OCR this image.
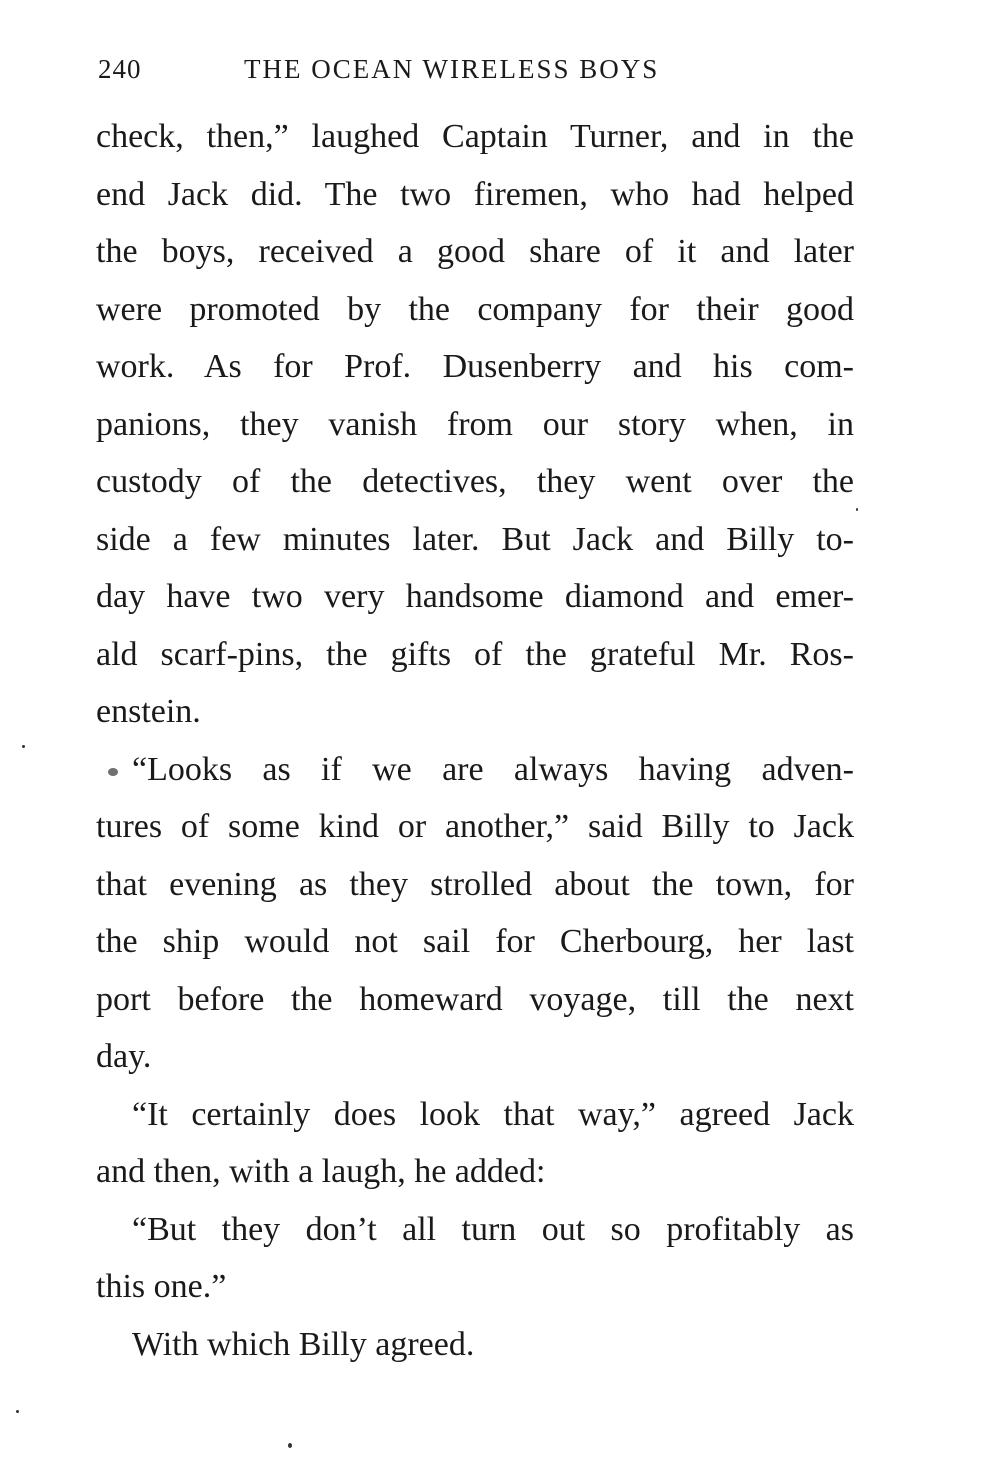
240	THE OCEAN WIRELESS BOYS
check, then,” laughed Captain Turner, and in the
end Jack did. The two firemen, who had helped
the boys, received a good share of it and later
were promoted by the company for their good
work. As for Prof. Dusenberry and his com-
panions, they vanish from our story when, in
custody of the detectives, they went over the
side a few minutes later. But Jack and Billy to-
day have two very handsome diamond and emer-
ald scarf-pins, the gifts of the grateful Mr. Ros-
enstein.
“Looks as if we are always having adven-
tures of some kind or another,” said Billy to Jack
that evening as they strolled about the town, for
the ship would not sail for Cherbourg, her last
port before the homeward voyage, till the next
day.
“It certainly does look that way,” agreed Jack
and then, with a laugh, he added:
“But they don’t all turn out so profitably as
this one.”
With which Billy agreed.
